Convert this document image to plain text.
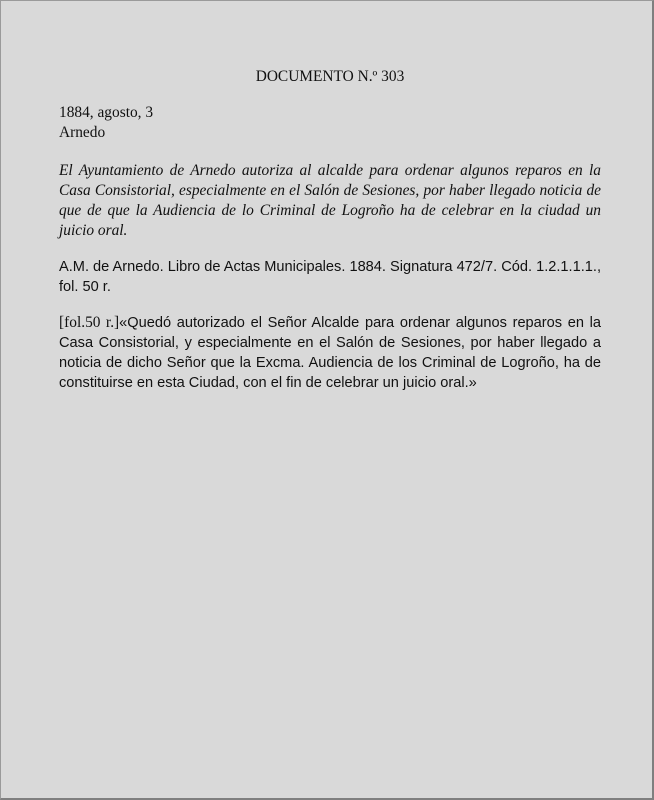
DOCUMENTO N.º 303

1884, agosto, 3

Arnedo

El Ayuntamiento de Arnedo autoriza al alcalde para ordenar algunos reparos en la Casa Consistorial, especialmente en el Salón de Sesiones, por haber llegado noticia de que de que la Audiencia de lo Criminal de Logroño ha de celebrar en la ciudad un juicio oral.

A.M. de Arnedo. Libro de Actas Municipales. 1884. Signatura 472/7. Cód. 1.2.1.1.1., fol. 50 r.

[fol.50 r.]«Quedó autorizado el Señor Alcalde para ordenar algunos reparos en la Casa Consistorial, y especialmente en el Salón de Sesiones, por haber llegado a noticia de dicho Señor que la Excma. Audiencia de los Criminal de Logroño, ha de constituirse en esta Ciudad, con el fin de celebrar un juicio oral.»
